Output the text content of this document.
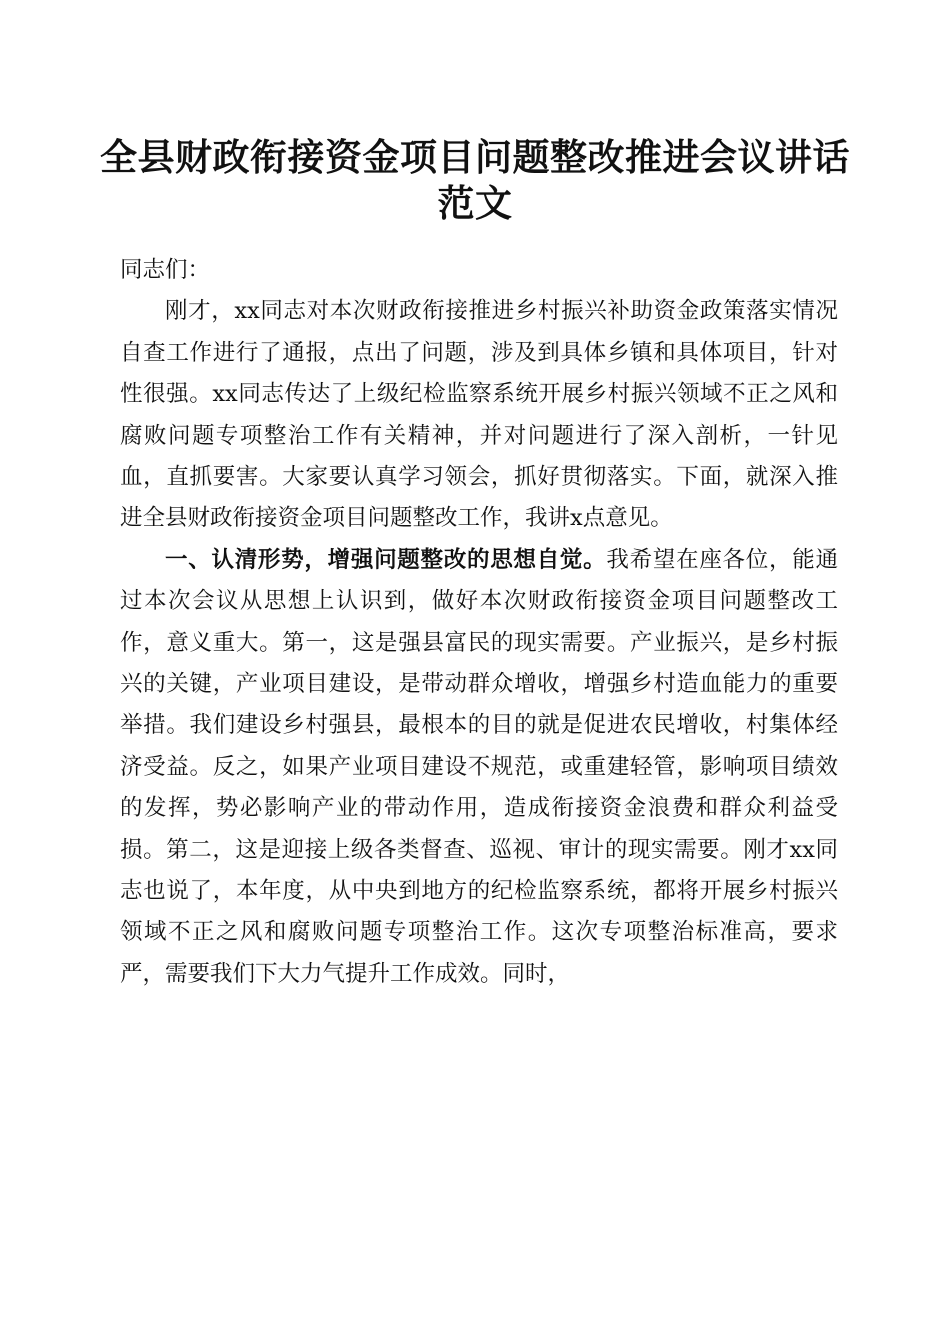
全县财政衔接资金项目问题整改推进会议讲话
范文

同志们：

刚才，xx同志对本次财政衔接推进乡村振兴补助资金政策落实情况自查工作进行了通报，点出了问题，涉及到具体乡镇和具体项目，针对性很强。xx同志传达了上级纪检监察系统开展乡村振兴领域不正之风和腐败问题专项整治工作有关精神，并对问题进行了深入剖析，一针见血，直抓要害。大家要认真学习领会，抓好贯彻落实。下面，就深入推进全县财政衔接资金项目问题整改工作，我讲x点意见。

一、认清形势，增强问题整改的思想自觉。我希望在座各位，能通过本次会议从思想上认识到，做好本次财政衔接资金项目问题整改工作，意义重大。第一，这是强县富民的现实需要。产业振兴，是乡村振兴的关键，产业项目建设，是带动群众增收，增强乡村造血能力的重要举措。我们建设乡村强县，最根本的目的就是促进农民增收，村集体经济受益。反之，如果产业项目建设不规范，或重建轻管，影响项目绩效的发挥，势必影响产业的带动作用，造成衔接资金浪费和群众利益受损。第二，这是迎接上级各类督查、巡视、审计的现实需要。刚才xx同志也说了，本年度，从中央到地方的纪检监察系统，都将开展乡村振兴领域不正之风和腐败问题专项整治工作。这次专项整治标准高，要求严，需要我们下大力气提升工作成效。同时，
